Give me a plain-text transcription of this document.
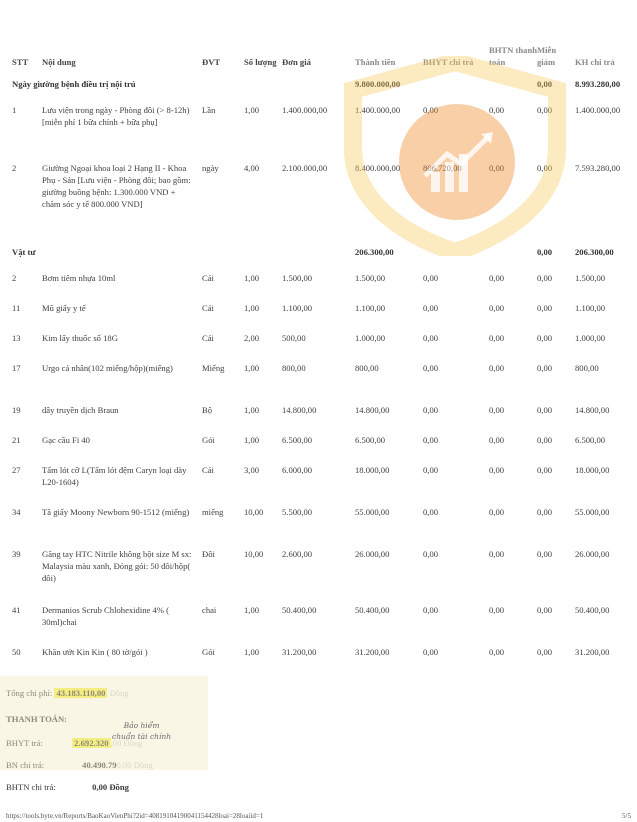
STT	Nội dung	ĐVT	Số lượng	Đơn giá	Thành tiền	BHYT chi trả	BHTN thanh toán	Miễn giảm	KH chi trả
Ngày giường bệnh điều trị nội trú					9.800.000,00			0,00	8.993.280,00
1	Lưu viện trong ngày - Phòng đôi (> 8-12h) [miễn phí 1 bữa chính + bữa phụ]	Lần	1,00	1.400.000,00	1.400.000,00	0,00	0,00	0,00	1.400.000,00
2	Giường Ngoại khoa loại 2 Hạng II - Khoa Phụ - Sản [Lưu viện - Phòng đôi; bao gồm: giường buồng bệnh: 1.300.000 VND + chăm sóc y tế 800.000 VND]	ngày	4,00	2.100.000,00	8.400.000,00	806.720,00	0,00	0,00	7.593.280,00
Vật tư					206.300,00			0,00	206.300,00
2	Bơm tiêm nhựa 10ml	Cái	1,00	1.500,00	1.500,00	0,00	0,00	0,00	1.500,00
11	Mũ giấy y tế	Cái	1,00	1.100,00	1.100,00	0,00	0,00	0,00	1.100,00
13	Kim lấy thuốc số 18G	Cái	2,00	500,00	1.000,00	0,00	0,00	0,00	1.000,00
17	Urgo cá nhân(102 miếng/hộp)(miếng)	Miếng	1,00	800,00	800,00	0,00	0,00	0,00	800,00
19	dây truyền dịch Braun	Bộ	1,00	14.800,00	14.800,00	0,00	0,00	0,00	14.800,00
21	Gạc cầu Fi 40	Gói	1,00	6.500,00	6.500,00	0,00	0,00	0,00	6.500,00
27	Tấm lót cỡ L(Tấm lót đệm Caryn loại dày L20-1604)	Cái	3,00	6.000,00	18.000,00	0,00	0,00	0,00	18.000,00
34	Tã giấy Moony Newborn 90-1512 (miếng)	miếng	10,00	5.500,00	55.000,00	0,00	0,00	0,00	55.000,00
39	Găng tay HTC Nitrile không bột size M sx: Malaysia màu xanh, Đóng gói: 50 đôi/hộp( đôi)	Đôi	10,00	2.600,00	26.000,00	0,00	0,00	0,00	26.000,00
41	Dermanios Scrub Chlohexidine 4% ( 30ml)chai	chai	1,00	50.400,00	50.400,00	0,00	0,00	0,00	50.400,00
50	Khăn ướt Kin Kin ( 80 tờ/gói )	Gói	1,00	31.200,00	31.200,00	0,00	0,00	0,00	31.200,00
Tổng chi phí: 43.183.110,00 Đồng
THANH TOÁN:
BHYT trả:	2.692.320 ,00 Đồng
BN chi trả:	40.490.790,00 Đồng
BHTN chi trả:	0,00 Đồng
Bảo hiểm
chuẩn tài chính
https://tools.byte.vn/Reports/BaoKaoVienPhi?2id=40819104190041154428loai=28loaiid=1	5/5
